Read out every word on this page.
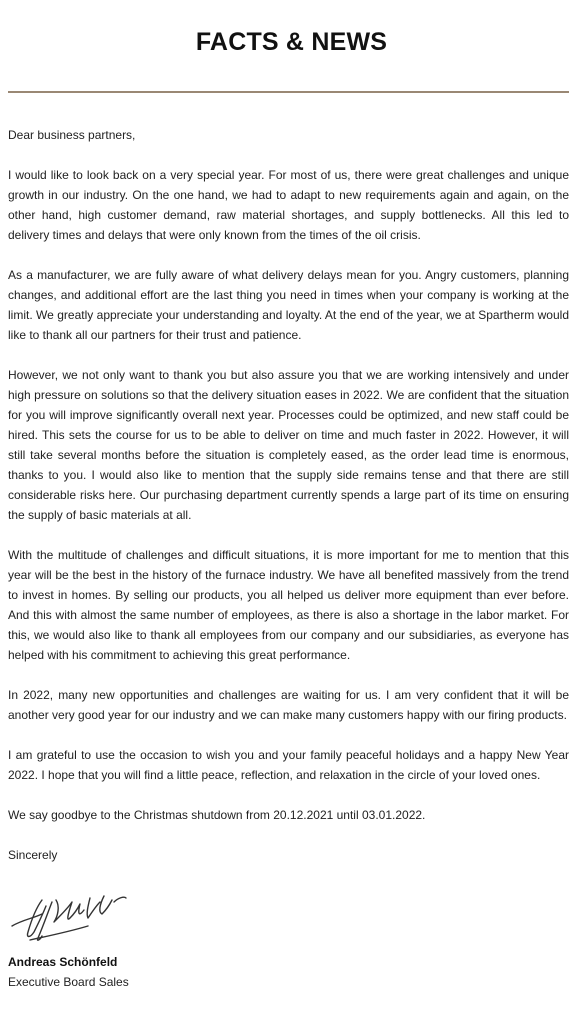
FACTS & NEWS

Dear business partners,

I would like to look back on a very special year. For most of us, there were great challenges and unique growth in our industry. On the one hand, we had to adapt to new requirements again and again, on the other hand, high customer demand, raw material shortages, and supply bottlenecks. All this led to delivery times and delays that were only known from the times of the oil crisis.

As a manufacturer, we are fully aware of what delivery delays mean for you. Angry customers, planning changes, and additional effort are the last thing you need in times when your company is working at the limit. We greatly appreciate your understanding and loyalty. At the end of the year, we at Spartherm would like to thank all our partners for their trust and patience.

However, we not only want to thank you but also assure you that we are working intensively and under high pressure on solutions so that the delivery situation eases in 2022. We are confident that the situation for you will improve significantly overall next year. Processes could be optimized, and new staff could be hired. This sets the course for us to be able to deliver on time and much faster in 2022. However, it will still take several months before the situation is completely eased, as the order lead time is enormous, thanks to you. I would also like to mention that the supply side remains tense and that there are still considerable risks here. Our purchasing department currently spends a large part of its time on ensuring the supply of basic materials at all.

With the multitude of challenges and difficult situations, it is more important for me to mention that this year will be the best in the history of the furnace industry. We have all benefited massively from the trend to invest in homes. By selling our products, you all helped us deliver more equipment than ever before. And this with almost the same number of employees, as there is also a shortage in the labor market. For this, we would also like to thank all employees from our company and our subsidiaries, as everyone has helped with his commitment to achieving this great performance.

In 2022, many new opportunities and challenges are waiting for us. I am very confident that it will be another very good year for our industry and we can make many customers happy with our firing products.

I am grateful to use the occasion to wish you and your family peaceful holidays and a happy New Year 2022. I hope that you will find a little peace, reflection, and relaxation in the circle of your loved ones.

We say goodbye to the Christmas shutdown from 20.12.2021 until 03.01.2022.

Sincerely

Andreas Schönfeld
Executive Board Sales
